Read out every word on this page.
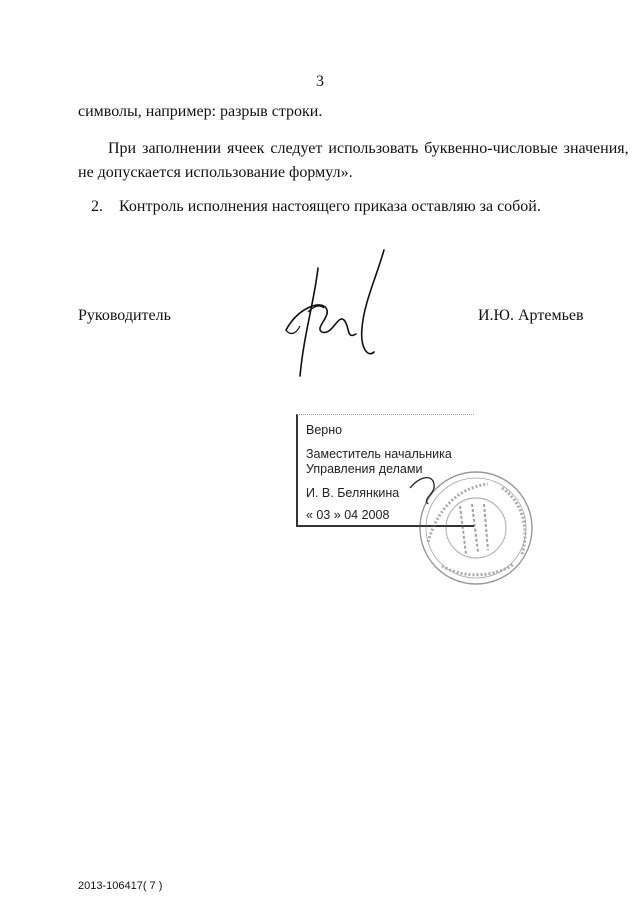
3
символы, например: разрыв строки.
При заполнении ячеек следует использовать буквенно-числовые значения,
не допускается использование формул».
2. Контроль исполнения настоящего приказа оставляю за собой.
Руководитель	И.Ю. Артемьев
Верно
Заместитель начальника
Управления делами
И. В. Белянкина
« 03 » 04 2008
2013-106417( 7 )
